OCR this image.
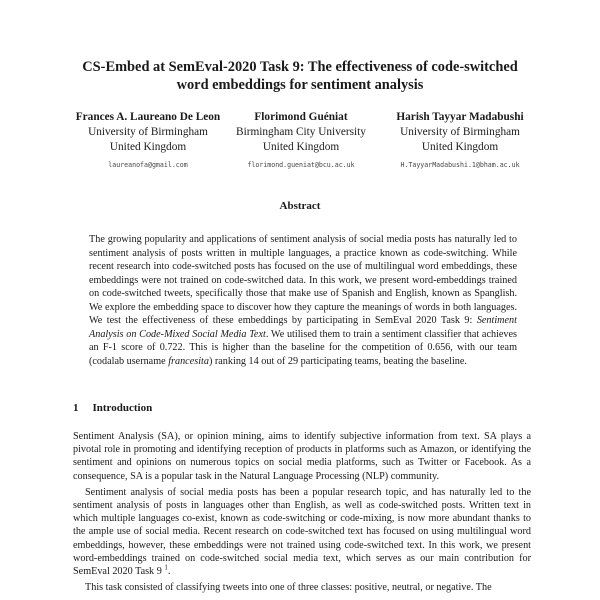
CS-Embed at SemEval-2020 Task 9: The effectiveness of code-switched
word embeddings for sentiment analysis
Frances A. Laureano De Leon
University of Birmingham
United Kingdom
laureanofa@gmail.com
Florimond Guéniat
Birmingham City University
United Kingdom
florimond.gueniat@bcu.ac.uk
Harish Tayyar Madabushi
University of Birmingham
United Kingdom
H.TayyarMadabushi.1@bham.ac.uk
Abstract
The growing popularity and applications of sentiment analysis of social media posts has naturally led to sentiment analysis of posts written in multiple languages, a practice known as code-switching. While recent research into code-switched posts has focused on the use of multilingual word embeddings, these embeddings were not trained on code-switched data. In this work, we present word-embeddings trained on code-switched tweets, specifically those that make use of Spanish and English, known as Spanglish. We explore the embedding space to discover how they capture the meanings of words in both languages. We test the effectiveness of these embeddings by participating in SemEval 2020 Task 9: Sentiment Analysis on Code-Mixed Social Media Text. We utilised them to train a sentiment classifier that achieves an F-1 score of 0.722. This is higher than the baseline for the competition of 0.656, with our team (codalab username francesita) ranking 14 out of 29 participating teams, beating the baseline.
1 Introduction

Sentiment Analysis (SA), or opinion mining, aims to identify subjective information from text. SA plays a pivotal role in promoting and identifying reception of products in platforms such as Amazon, or identifying the sentiment and opinions on numerous topics on social media platforms, such as Twitter or Facebook. As a consequence, SA is a popular task in the Natural Language Processing (NLP) community.

Sentiment analysis of social media posts has been a popular research topic, and has naturally led to the sentiment analysis of posts in languages other than English, as well as code-switched posts. Written text in which multiple languages co-exist, known as code-switching or code-mixing, is now more abundant thanks to the ample use of social media. Recent research on code-switched text has focused on using multilingual word embeddings, however, these embeddings were not trained using code-switched text. In this work, we present word-embeddings trained on code-switched social media text, which serves as our main contribution for SemEval 2020 Task 9 $^1$.

This task consisted of classifying tweets into one of three classes: positive, neutral, or negative. The
